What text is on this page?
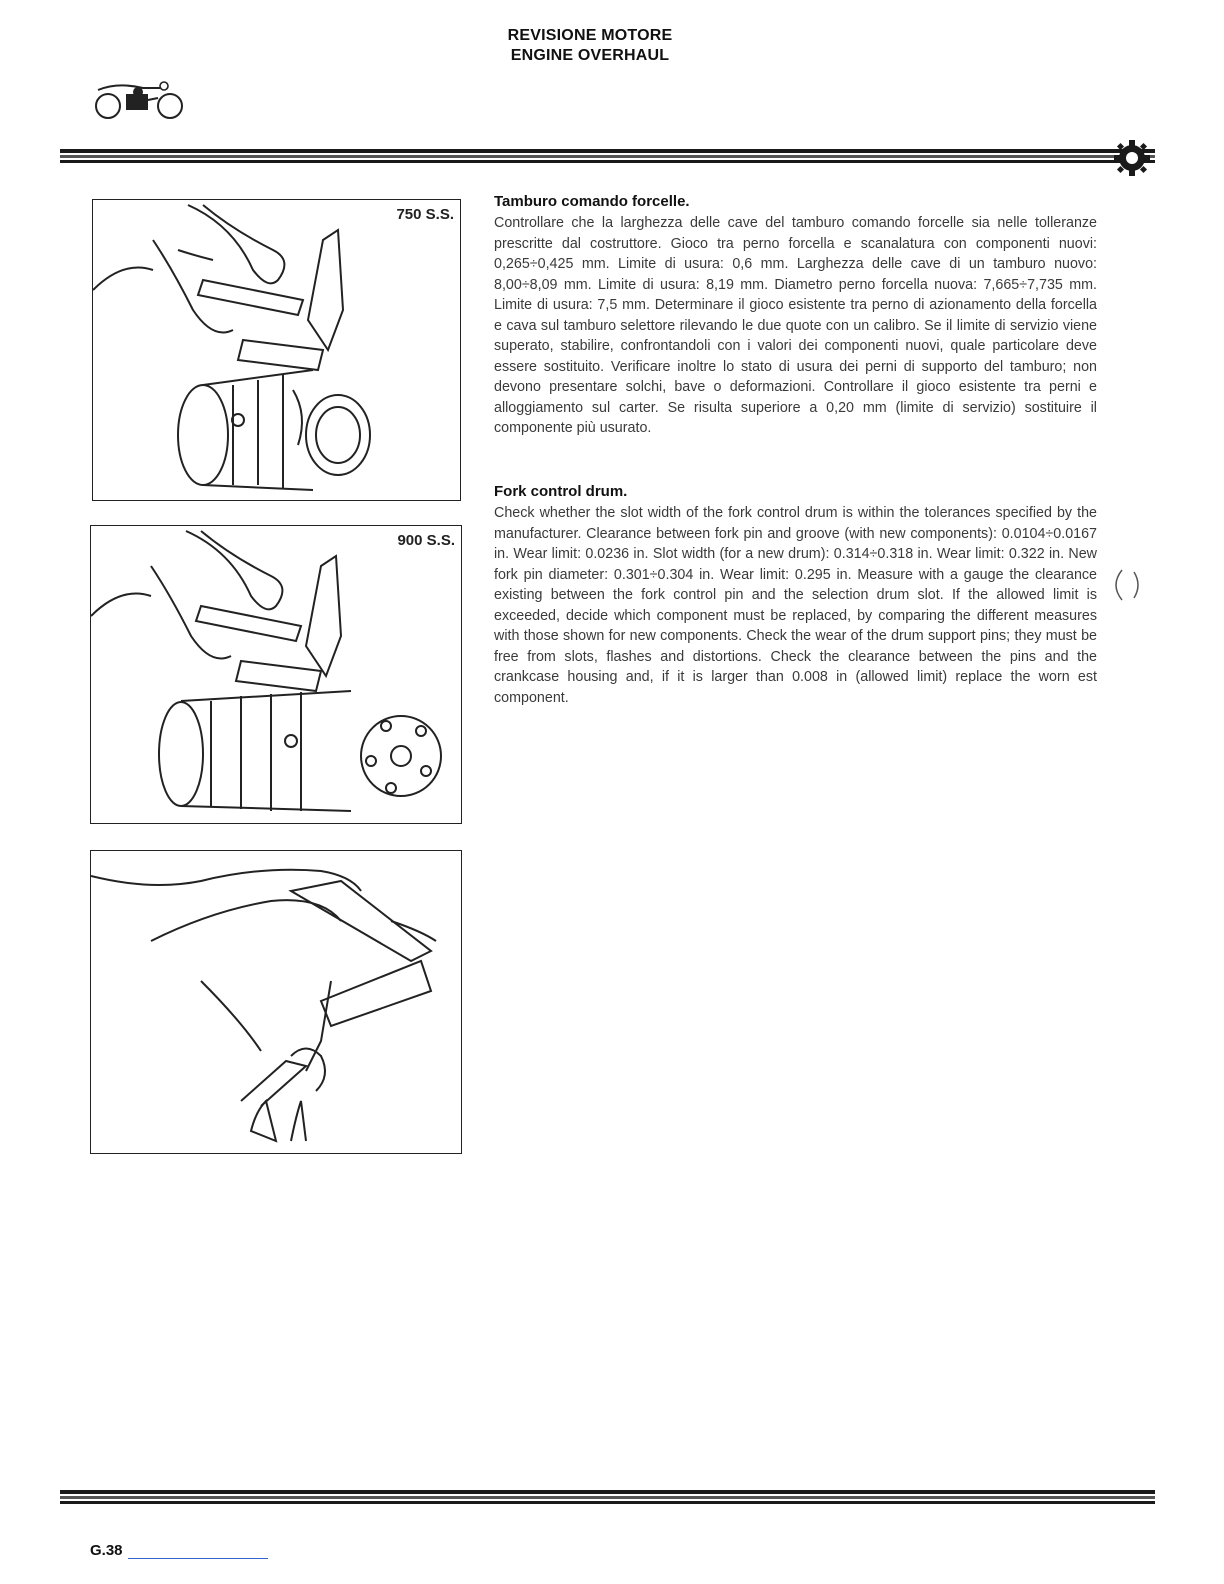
REVISIONE MOTORE
ENGINE OVERHAUL
750 S.S.
900 S.S.
Tamburo comando forcelle.

Controllare che la larghezza delle cave del tamburo comando forcelle sia nelle tolleranze prescritte dal costruttore. Gioco tra perno forcella e scanalatura con componenti nuovi: 0,265÷0,425 mm. Limite di usura: 0,6 mm. Larghezza delle cave di un tamburo nuovo: 8,00÷8,09 mm. Limite di usura: 8,19 mm. Diametro perno forcella nuova: 7,665÷7,735 mm. Limite di usura: 7,5 mm. Determinare il gioco esistente tra perno di azionamento della forcella e cava sul tamburo selettore rilevando le due quote con un calibro. Se il limite di servizio viene superato, stabilire, confrontandoli con i valori dei componenti nuovi, quale particolare deve essere sostituito. Verificare inoltre lo stato di usura dei perni di supporto del tamburo; non devono presentare solchi, bave o deformazioni. Controllare il gioco esistente tra perni e alloggiamento sul carter. Se risulta superiore a 0,20 mm (limite di servizio) sostituire il componente più usurato.

Fork control drum.

Check whether the slot width of the fork control drum is within the tolerances specified by the manufacturer. Clearance between fork pin and groove (with new components): 0.0104÷0.0167 in. Wear limit: 0.0236 in. Slot width (for a new drum): 0.314÷0.318 in. Wear limit: 0.322 in. New fork pin diameter: 0.301÷0.304 in. Wear limit: 0.295 in. Measure with a gauge the clearance existing between the fork control pin and the selection drum slot. If the allowed limit is exceeded, decide which component must be replaced, by comparing the different measures with those shown for new components. Check the wear of the drum support pins; they must be free from slots, flashes and distortions. Check the clearance between the pins and the crankcase housing and, if it is larger than 0.008 in (allowed limit) replace the worn est component.

G.38
